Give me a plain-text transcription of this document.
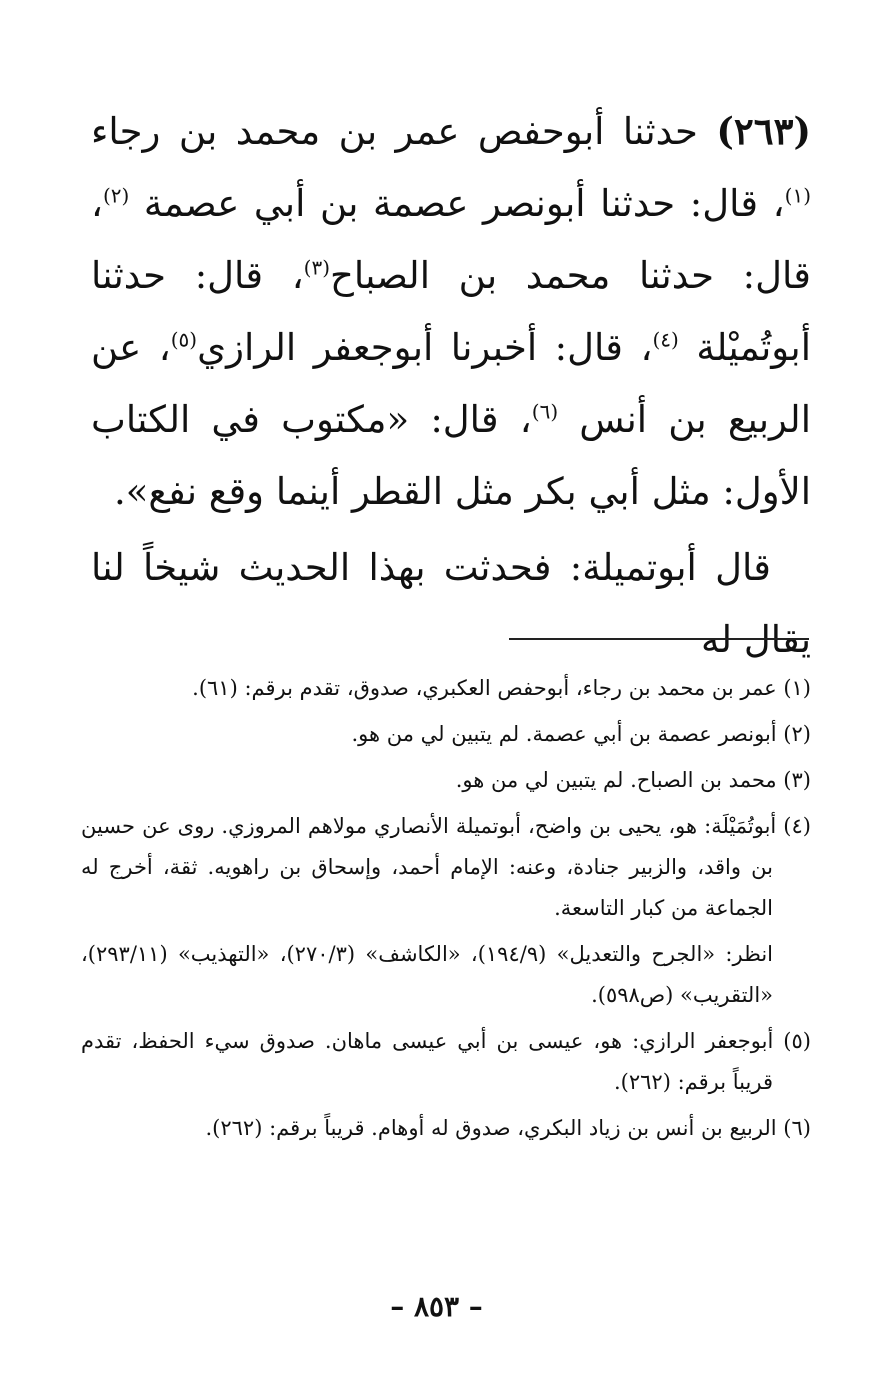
(٢٦٣) حدثنا أبوحفص عمر بن محمد بن رجاء $^{(١)}$، قال: حدثنا أبونصر عصمة بن أبي عصمة $^{(٢)}$، قال: حدثنا محمد بن الصباح$^{(٣)}$، قال: حدثنا أبوتُميْلة $^{(٤)}$، قال: أخبرنا أبوجعفر الرازي$^{(٥)}$، عن الربيع بن أنس $^{(٦)}$، قال: «مكتوب في الكتاب الأول: مثل أبي بكر مثل القطر أينما وقع نفع».

قال أبوتميلة: فحدثت بهذا الحديث شيخاً لنا يقال له

(١) عمر بن محمد بن رجاء، أبوحفص العكبري، صدوق، تقدم برقم: (٦١).

(٢) أبونصر عصمة بن أبي عصمة. لم يتبين لي من هو.

(٣) محمد بن الصباح. لم يتبين لي من هو.

(٤) أبوتُمَيْلَة: هو، يحيى بن واضح، أبوتميلة الأنصاري مولاهم المروزي. روى عن حسين بن واقد، والزبير جنادة، وعنه: الإمام أحمد، وإسحاق بن راهويه. ثقة، أخرج له الجماعة من كبار التاسعة.

انظر: «الجرح والتعديل» (١٩٤/٩)، «الكاشف» (٢٧٠/٣)، «التهذيب» (٢٩٣/١١)، «التقريب» (ص٥٩٨).

(٥) أبوجعفر الرازي: هو، عيسى بن أبي عيسى ماهان. صدوق سيء الحفظ، تقدم قريباً برقم: (٢٦٢).

(٦) الربيع بن أنس بن زياد البكري، صدوق له أوهام. قريباً برقم: (٢٦٢).

– ٨٥٣ –
